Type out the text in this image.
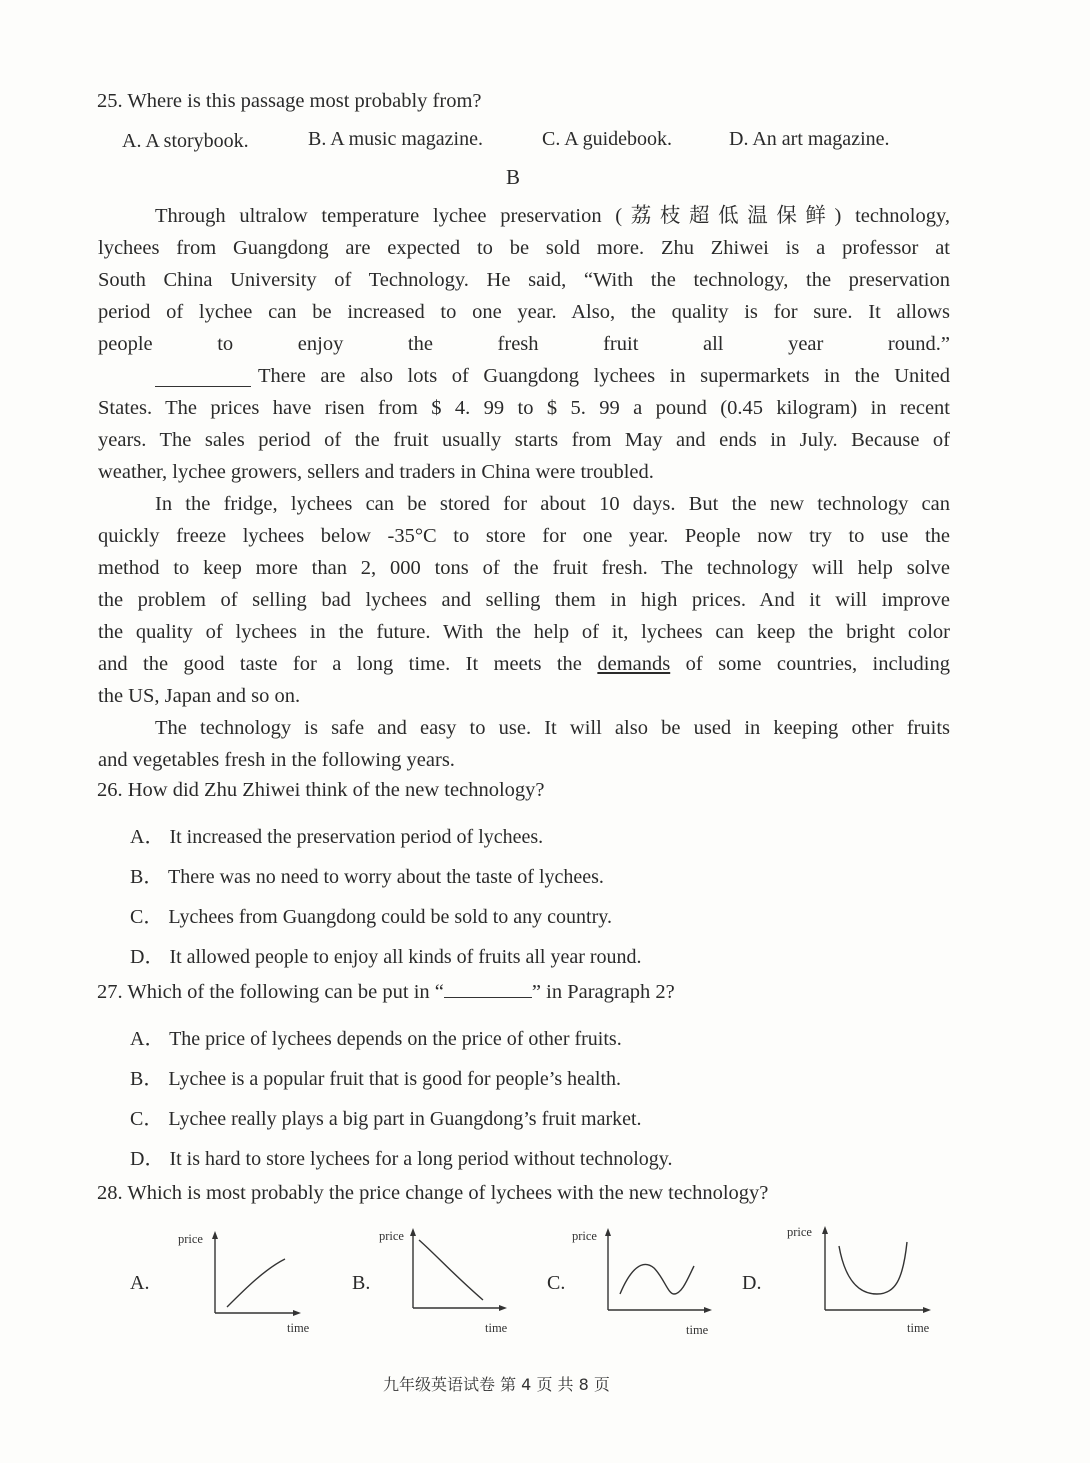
25. Where is this passage most probably from?
A. A storybook.	B. A music magazine.	C. A guidebook.	D. An art magazine.
B
Through ultralow temperature lychee preservation (荔枝超低温保鲜) technology,
lychees from Guangdong are expected to be sold more. Zhu Zhiwei is a professor at
South China University of Technology. He said, “With the technology, the preservation
period of lychee can be increased to one year. Also, the quality is for sure. It allows
people to enjoy the fresh fruit all year round.”
There are also lots of Guangdong lychees in supermarkets in the United
States. The prices have risen from $ 4. 99 to $ 5. 99 a pound (0.45 kilogram) in recent
years. The sales period of the fruit usually starts from May and ends in July. Because of
weather, lychee growers, sellers and traders in China were troubled.
In the fridge, lychees can be stored for about 10 days. But the new technology can
quickly freeze lychees below -35°C to store for one year. People now try to use the
method to keep more than 2, 000 tons of the fruit fresh. The technology will help solve
the problem of selling bad lychees and selling them in high prices. And it will improve
the quality of lychees in the future. With the help of it, lychees can keep the bright color
and the good taste for a long time. It meets the demands of some countries, including
the US, Japan and so on.
The technology is safe and easy to use. It will also be used in keeping other fruits
and vegetables fresh in the following years.
26. How did Zhu Zhiwei think of the new technology?
A． It increased the preservation period of lychees.
B． There was no need to worry about the taste of lychees.
C． Lychees from Guangdong could be sold to any country.
D． It allowed people to enjoy all kinds of fruits all year round.
27. Which of the following can be put in “	” in Paragraph 2?
A． The price of lychees depends on the price of other fruits.
B． Lychee is a popular fruit that is good for people’s health.
C． Lychee really plays a big part in Guangdong’s fruit market.
D． It is hard to store lychees for a long period without technology.
28. Which is most probably the price change of lychees with the new technology?
A.	B.	C.	D.
price
time
price
time
price
time
price
time
九年级英语试卷 第 4 页 共 8 页
